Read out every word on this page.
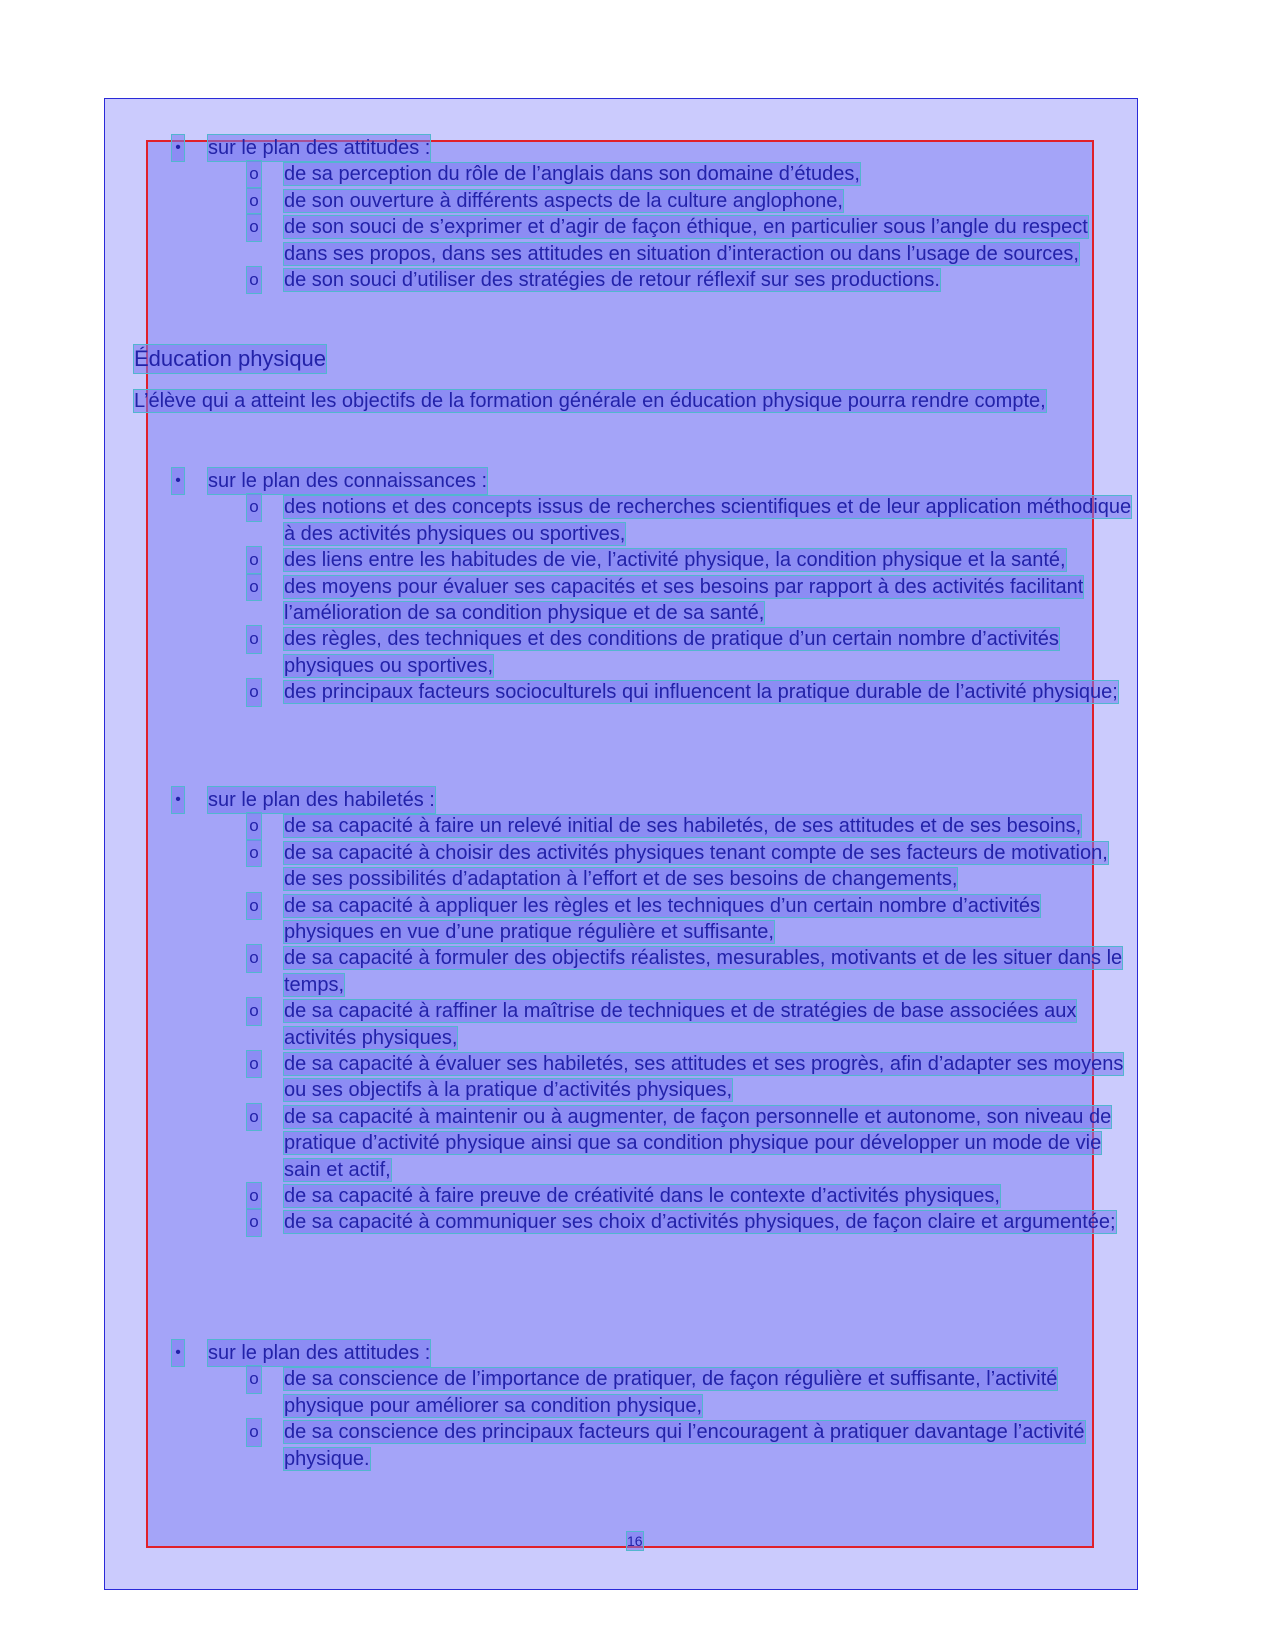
• sur le plan des attitudes :
o de sa perception du rôle de l’anglais dans son domaine d’études,
o de son ouverture à différents aspects de la culture anglophone,
o de son souci de s’exprimer et d’agir de façon éthique, en particulier sous l’angle du respect dans ses propos, dans ses attitudes en situation d’interaction ou dans l’usage de sources,
o de son souci d’utiliser des stratégies de retour réflexif sur ses productions.
Éducation physique
L’élève qui a atteint les objectifs de la formation générale en éducation physique pourra rendre compte,
• sur le plan des connaissances :
o des notions et des concepts issus de recherches scientifiques et de leur application méthodique à des activités physiques ou sportives,
o des liens entre les habitudes de vie, l’activité physique, la condition physique et la santé,
o des moyens pour évaluer ses capacités et ses besoins par rapport à des activités facilitant l’amélioration de sa condition physique et de sa santé,
o des règles, des techniques et des conditions de pratique d’un certain nombre d’activités physiques ou sportives,
o des principaux facteurs socioculturels qui influencent la pratique durable de l’activité physique;
• sur le plan des habiletés :
o de sa capacité à faire un relevé initial de ses habiletés, de ses attitudes et de ses besoins,
o de sa capacité à choisir des activités physiques tenant compte de ses facteurs de motivation, de ses possibilités d’adaptation à l’effort et de ses besoins de changements,
o de sa capacité à appliquer les règles et les techniques d’un certain nombre d’activités physiques en vue d’une pratique régulière et suffisante,
o de sa capacité à formuler des objectifs réalistes, mesurables, motivants et de les situer dans le temps,
o de sa capacité à raffiner la maîtrise de techniques et de stratégies de base associées aux activités physiques,
o de sa capacité à évaluer ses habiletés, ses attitudes et ses progrès, afin d’adapter ses moyens ou ses objectifs à la pratique d’activités physiques,
o de sa capacité à maintenir ou à augmenter, de façon personnelle et autonome, son niveau de pratique d’activité physique ainsi que sa condition physique pour développer un mode de vie sain et actif,
o de sa capacité à faire preuve de créativité dans le contexte d’activités physiques,
o de sa capacité à communiquer ses choix d’activités physiques, de façon claire et argumentée;
• sur le plan des attitudes :
o de sa conscience de l’importance de pratiquer, de façon régulière et suffisante, l’activité physique pour améliorer sa condition physique,
o de sa conscience des principaux facteurs qui l’encouragent à pratiquer davantage l’activité physique.
16
